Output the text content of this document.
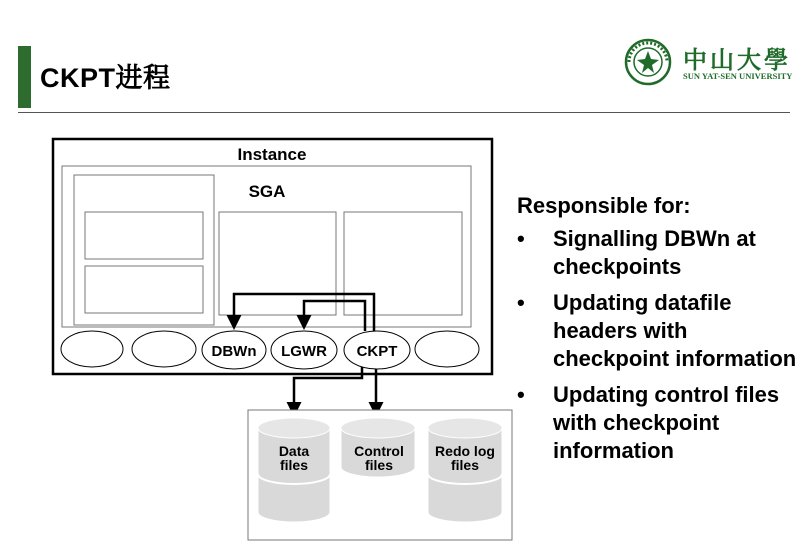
CKPT进程
中山大學
SUN YAT-SEN UNIVERSITY
Instance
SGA
DBWn LGWR CKPT
Data
files
Control
files
Redo log
files
Responsible for:
• Signalling DBWn at checkpoints
• Updating datafile headers with checkpoint information
• Updating control files with checkpoint information
